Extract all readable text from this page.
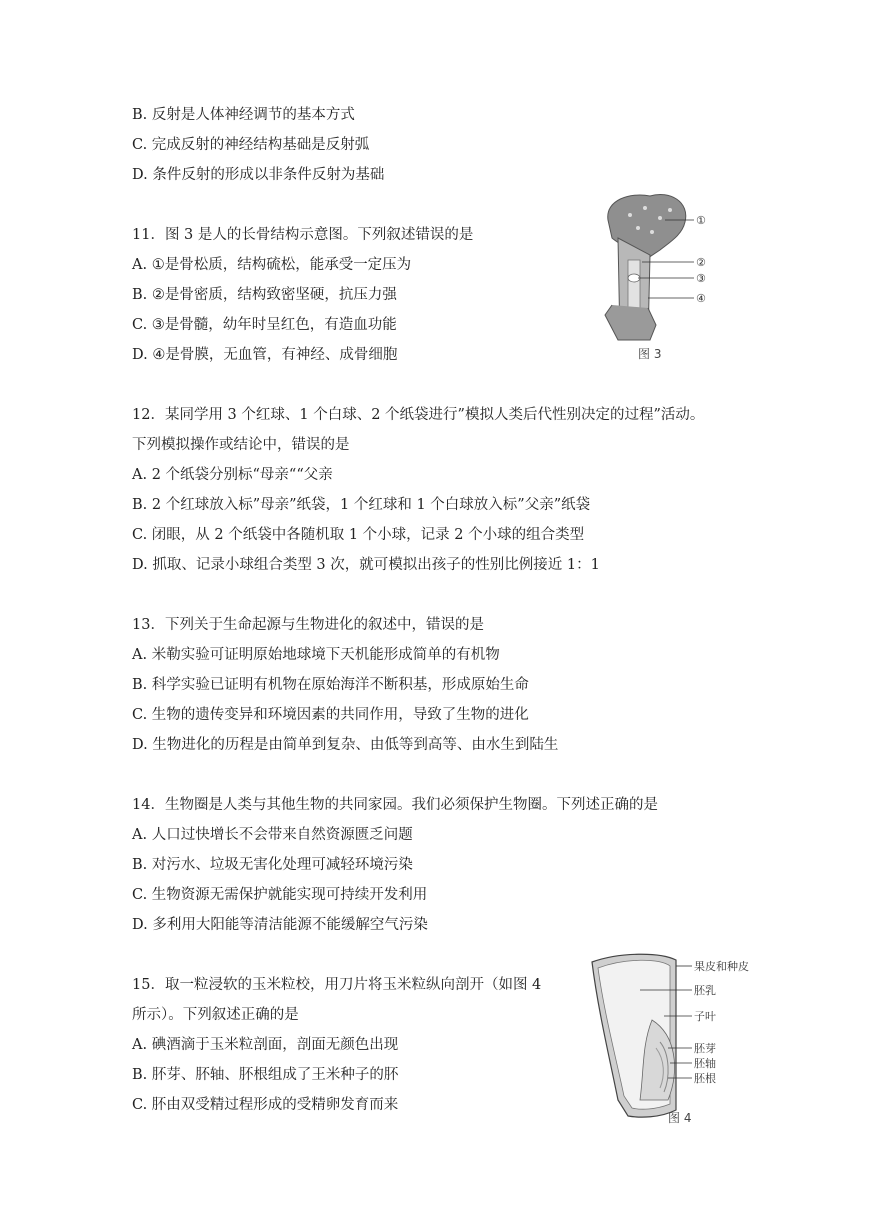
B. 反射是人体神经调节的基本方式
C. 完成反射的神经结构基础是反射弧
D. 条件反射的形成以非条件反射为基础
11．图 3 是人的长骨结构示意图。下列叙述错误的是
A. ①是骨松质，结构硫松，能承受一定压为
B. ②是骨密质，结构致密坚硬，抗压力强
C. ③是骨髓，幼年时呈红色，有造血功能
D. ④是骨膜，无血管，有神经、成骨细胞
①
②
③
④
图 3
12．某同学用 3 个红球、1 个白球、2 个纸袋进行”模拟人类后代性别决定的过程”活动。
下列模拟操作或结论中，错误的是
A. 2 个纸袋分别标“母亲““父亲
B. 2 个红球放入标”母亲”纸袋，1 个红球和 1 个白球放入标”父亲”纸袋
C. 闭眼，从 2 个纸袋中各随机取 1 个小球，记录 2 个小球的组合类型
D. 抓取、记录小球组合类型 3 次，就可模拟出孩子的性别比例接近 1：1
13．下列关于生命起源与生物进化的叙述中，错误的是
A. 米勒实验可证明原始地球境下天机能形成简单的有机物
B. 科学实验已证明有机物在原始海洋不断积基，形成原始生命
C. 生物的遗传变异和环境因素的共同作用，导致了生物的进化
D. 生物进化的历程是由简单到复杂、由低等到高等、由水生到陆生
14．生物圈是人类与其他生物的共同家园。我们必须保护生物圈。下列述正确的是
A. 人口过快增长不会带来自然资源匮乏问题
B. 对污水、垃圾无害化处理可减轻环境污染
C. 生物资源无需保护就能实现可持续开发利用
D. 多利用大阳能等清洁能源不能缓解空气污染
15．取一粒浸软的玉米粒校，用刀片将玉米粒纵向剖开（如图 4
所示）。下列叙述正确的是
A. 碘酒滴于玉米粒剖面，剖面无颜色出现
B. 肧芽、肧轴、肧根组成了王米种子的肧
C. 肧由双受精过程形成的受精卵发育而来
果皮和种皮
胚乳
子叶
胚芽
胚轴
胚根
图 4
